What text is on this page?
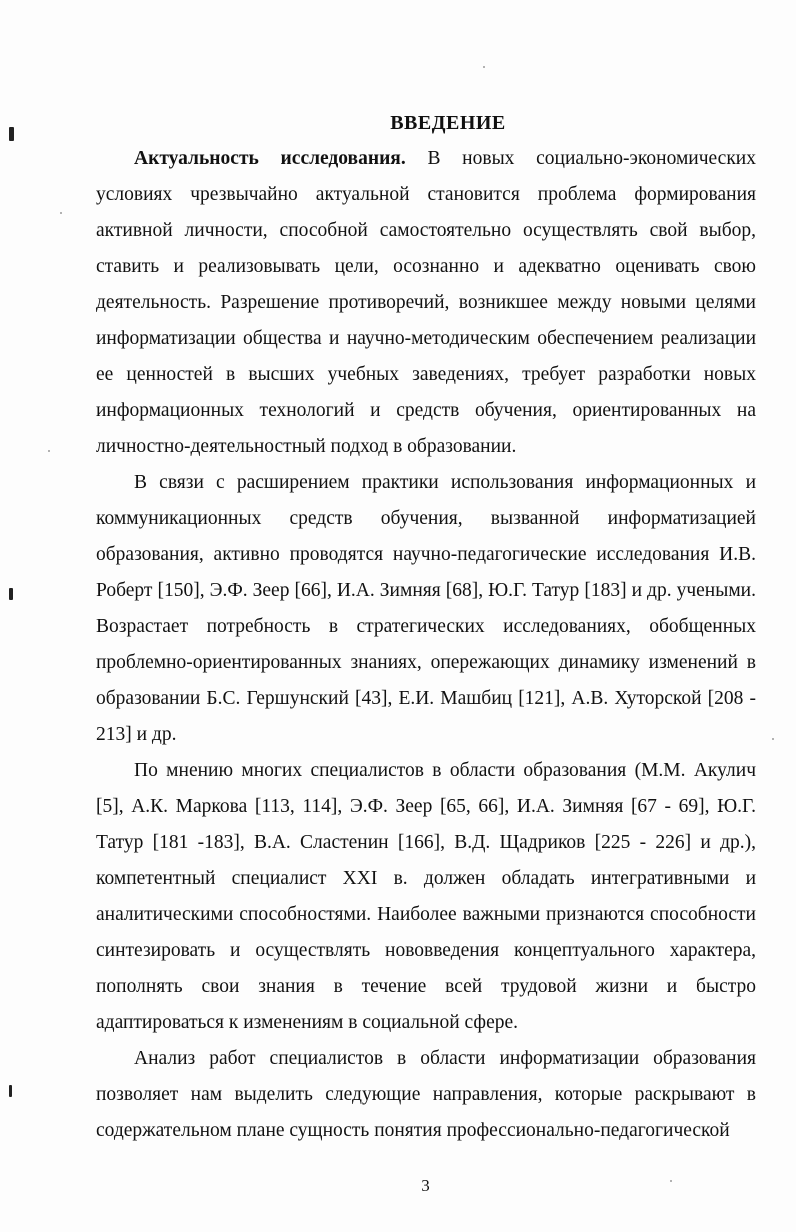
ВВЕДЕНИЕ

Актуальность исследования. В новых социально-экономических условиях чрезвычайно актуальной становится проблема формирования активной личности, способной самостоятельно осуществлять свой выбор, ставить и реализовывать цели, осознанно и адекватно оценивать свою деятельность. Разрешение противоречий, возникшее между новыми целями информатизации общества и научно-методическим обеспечением реализации ее ценностей в высших учебных заведениях, требует разработки новых информационных технологий и средств обучения, ориентированных на личностно-деятельностный подход в образовании.

В связи с расширением практики использования информационных и коммуникационных средств обучения, вызванной информатизацией образования, активно проводятся научно-педагогические исследования И.В. Роберт [150], Э.Ф. Зеер [66], И.А. Зимняя [68], Ю.Г. Татур [183] и др. учеными. Возрастает потребность в стратегических исследованиях, обобщенных проблемно-ориентированных знаниях, опережающих динамику изменений в образовании Б.С. Гершунский [43], Е.И. Машбиц [121], А.В. Хуторской [208 - 213] и др.

По мнению многих специалистов в области образования (М.М. Акулич [5], А.К. Маркова [113, 114], Э.Ф. Зеер [65, 66], И.А. Зимняя [67 - 69], Ю.Г. Татур [181 -183], В.А. Сластенин [166], В.Д. Щадриков [225 - 226] и др.), компетентный специалист XXI в. должен обладать интегративными и аналитическими способностями. Наиболее важными признаются способности синтезировать и осуществлять нововведения концептуального характера, пополнять свои знания в течение всей трудовой жизни и быстро адаптироваться к изменениям в социальной сфере.

Анализ работ специалистов в области информатизации образования позволяет нам выделить следующие направления, которые раскрывают в содержательном плане сущность понятия профессионально-педагогической

3
